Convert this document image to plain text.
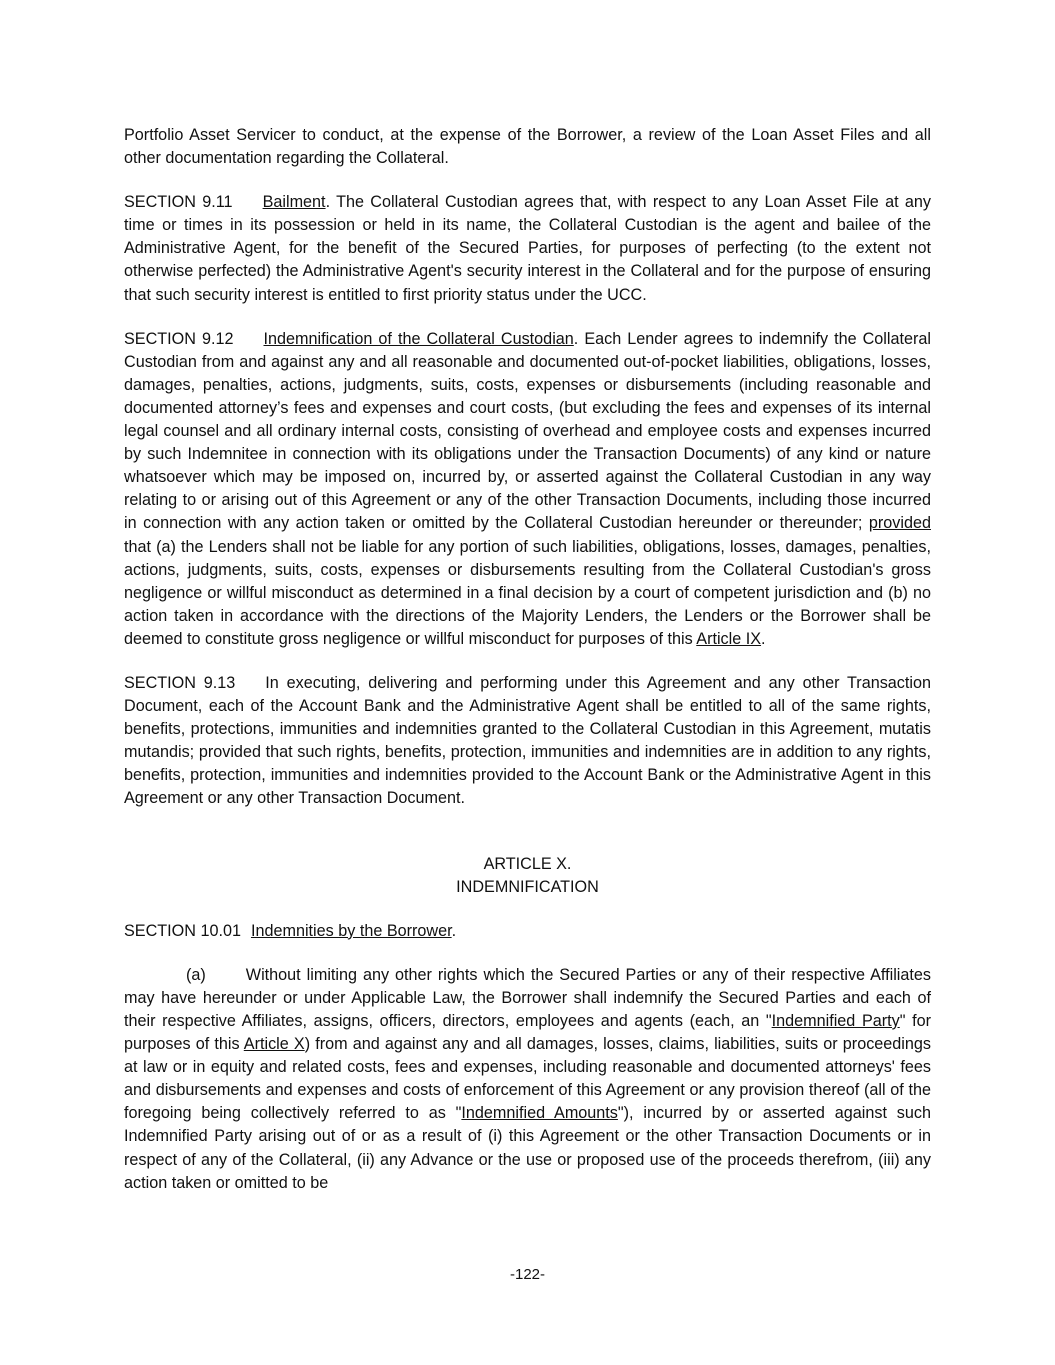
Portfolio Asset Servicer to conduct, at the expense of the Borrower, a review of the Loan Asset Files and all other documentation regarding the Collateral.

SECTION 9.11 Bailment. The Collateral Custodian agrees that, with respect to any Loan Asset File at any time or times in its possession or held in its name, the Collateral Custodian is the agent and bailee of the Administrative Agent, for the benefit of the Secured Parties, for purposes of perfecting (to the extent not otherwise perfected) the Administrative Agent's security interest in the Collateral and for the purpose of ensuring that such security interest is entitled to first priority status under the UCC.

SECTION 9.12 Indemnification of the Collateral Custodian. Each Lender agrees to indemnify the Collateral Custodian from and against any and all reasonable and documented out-of-pocket liabilities, obligations, losses, damages, penalties, actions, judgments, suits, costs, expenses or disbursements (including reasonable and documented attorney’s fees and expenses and court costs, (but excluding the fees and expenses of its internal legal counsel and all ordinary internal costs, consisting of overhead and employee costs and expenses incurred by such Indemnitee in connection with its obligations under the Transaction Documents) of any kind or nature whatsoever which may be imposed on, incurred by, or asserted against the Collateral Custodian in any way relating to or arising out of this Agreement or any of the other Transaction Documents, including those incurred in connection with any action taken or omitted by the Collateral Custodian hereunder or thereunder; provided that (a) the Lenders shall not be liable for any portion of such liabilities, obligations, losses, damages, penalties, actions, judgments, suits, costs, expenses or disbursements resulting from the Collateral Custodian's gross negligence or willful misconduct as determined in a final decision by a court of competent jurisdiction and (b) no action taken in accordance with the directions of the Majority Lenders, the Lenders or the Borrower shall be deemed to constitute gross negligence or willful misconduct for purposes of this Article IX.

SECTION 9.13 In executing, delivering and performing under this Agreement and any other Transaction Document, each of the Account Bank and the Administrative Agent shall be entitled to all of the same rights, benefits, protections, immunities and indemnities granted to the Collateral Custodian in this Agreement, mutatis mutandis; provided that such rights, benefits, protection, immunities and indemnities are in addition to any rights, benefits, protection, immunities and indemnities provided to the Account Bank or the Administrative Agent in this Agreement or any other Transaction Document.

ARTICLE X.
INDEMNIFICATION

SECTION 10.01 Indemnities by the Borrower.

(a) Without limiting any other rights which the Secured Parties or any of their respective Affiliates may have hereunder or under Applicable Law, the Borrower shall indemnify the Secured Parties and each of their respective Affiliates, assigns, officers, directors, employees and agents (each, an "Indemnified Party" for purposes of this Article X) from and against any and all damages, losses, claims, liabilities, suits or proceedings at law or in equity and related costs, fees and expenses, including reasonable and documented attorneys' fees and disbursements and expenses and costs of enforcement of this Agreement or any provision thereof (all of the foregoing being collectively referred to as "Indemnified Amounts"), incurred by or asserted against such Indemnified Party arising out of or as a result of (i) this Agreement or the other Transaction Documents or in respect of any of the Collateral, (ii) any Advance or the use or proposed use of the proceeds therefrom, (iii) any action taken or omitted to be

-122-
